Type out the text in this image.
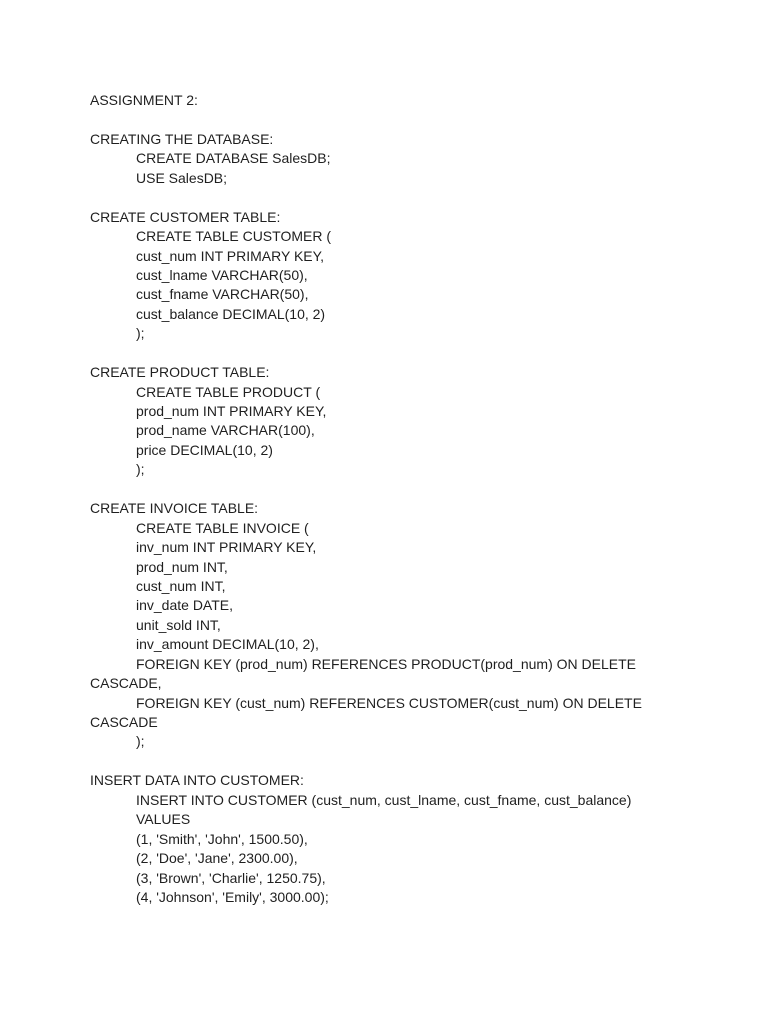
ASSIGNMENT 2:
CREATING THE DATABASE:
CREATE DATABASE SalesDB;
USE SalesDB;
CREATE CUSTOMER TABLE:
CREATE TABLE CUSTOMER (
cust_num INT PRIMARY KEY,
cust_lname VARCHAR(50),
cust_fname VARCHAR(50),
cust_balance DECIMAL(10, 2)
);
CREATE PRODUCT TABLE:
CREATE TABLE PRODUCT (
prod_num INT PRIMARY KEY,
prod_name VARCHAR(100),
price DECIMAL(10, 2)
);
CREATE INVOICE TABLE:
CREATE TABLE INVOICE (
inv_num INT PRIMARY KEY,
prod_num INT,
cust_num INT,
inv_date DATE,
unit_sold INT,
inv_amount DECIMAL(10, 2),
FOREIGN KEY (prod_num) REFERENCES PRODUCT(prod_num) ON DELETE
CASCADE,
FOREIGN KEY (cust_num) REFERENCES CUSTOMER(cust_num) ON DELETE
CASCADE
);
INSERT DATA INTO CUSTOMER:
INSERT INTO CUSTOMER (cust_num, cust_lname, cust_fname, cust_balance)
VALUES
(1, 'Smith', 'John', 1500.50),
(2, 'Doe', 'Jane', 2300.00),
(3, 'Brown', 'Charlie', 1250.75),
(4, 'Johnson', 'Emily', 3000.00);
